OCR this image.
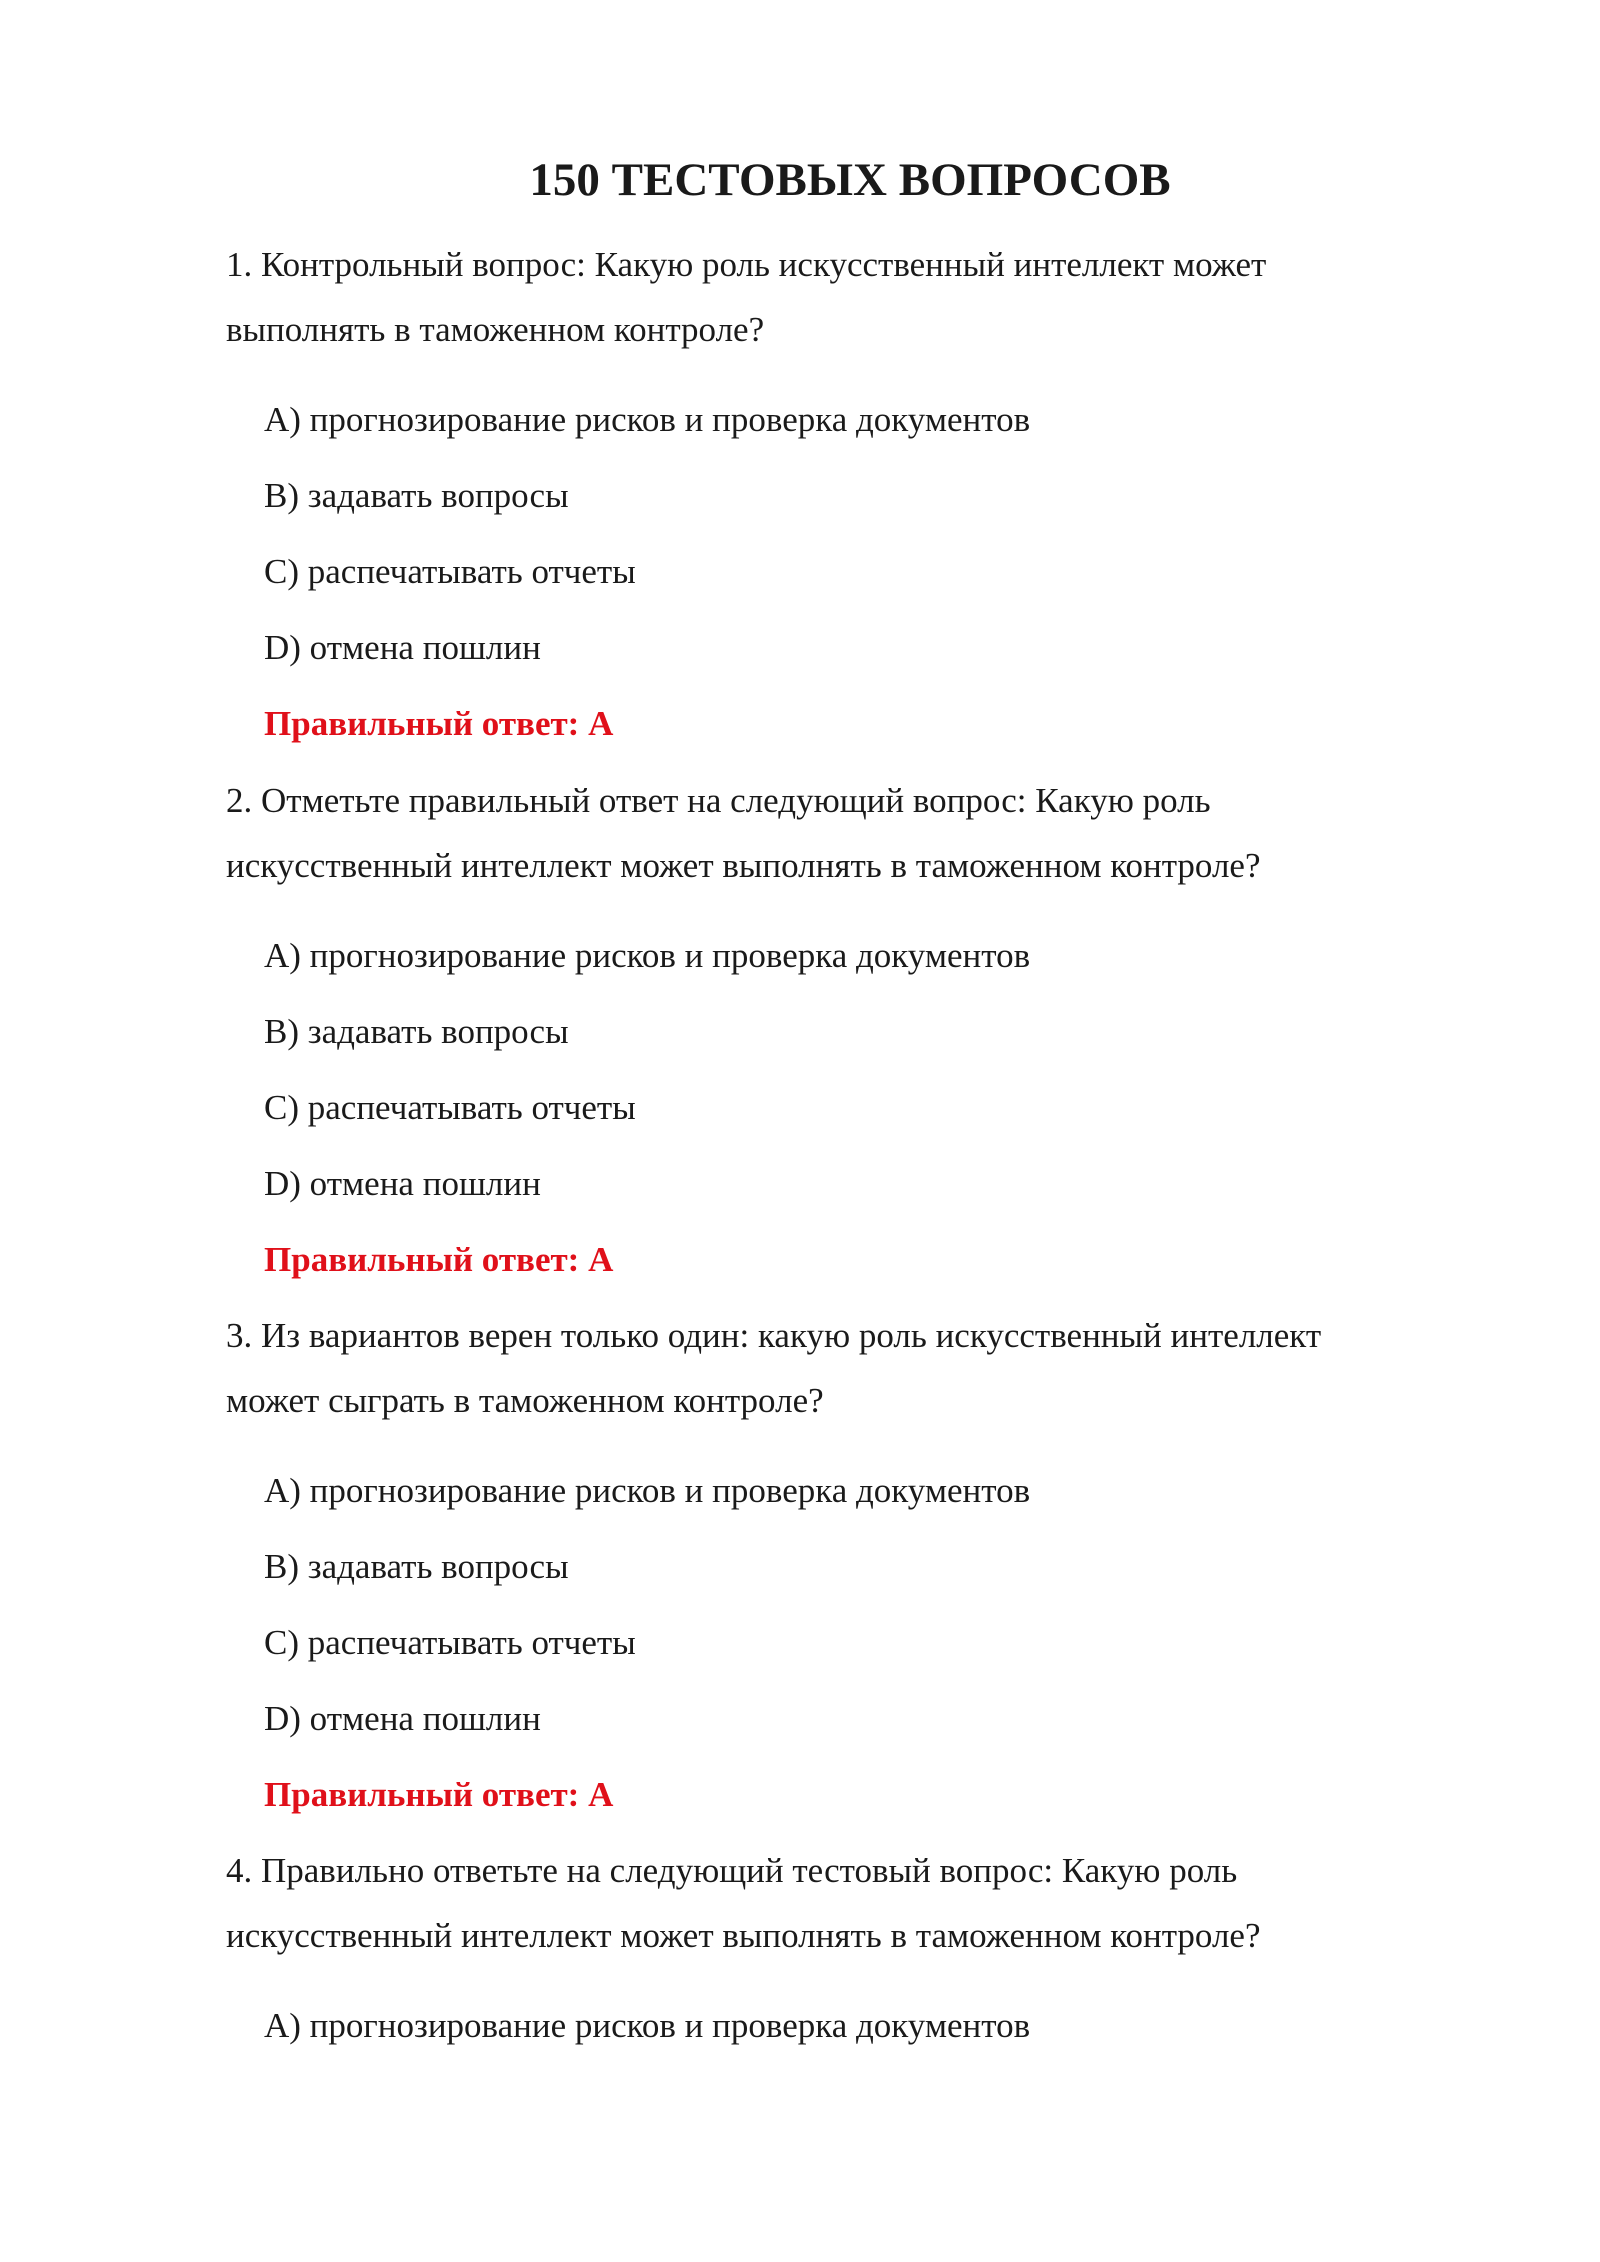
150 ТЕСТОВЫХ ВОПРОСОВ
1. Контрольный вопрос: Какую роль искусственный интеллект может
выполнять в таможенном контроле?
A) прогнозирование рисков и проверка документов
B) задавать вопросы
C) распечатывать отчеты
D) отмена пошлин
Правильный ответ: A
2. Отметьте правильный ответ на следующий вопрос: Какую роль
искусственный интеллект может выполнять в таможенном контроле?
A) прогнозирование рисков и проверка документов
B) задавать вопросы
C) распечатывать отчеты
D) отмена пошлин
Правильный ответ: A
3. Из вариантов верен только один: какую роль искусственный интеллект
может сыграть в таможенном контроле?
A) прогнозирование рисков и проверка документов
B) задавать вопросы
C) распечатывать отчеты
D) отмена пошлин
Правильный ответ: A
4. Правильно ответьте на следующий тестовый вопрос: Какую роль
искусственный интеллект может выполнять в таможенном контроле?
A) прогнозирование рисков и проверка документов
